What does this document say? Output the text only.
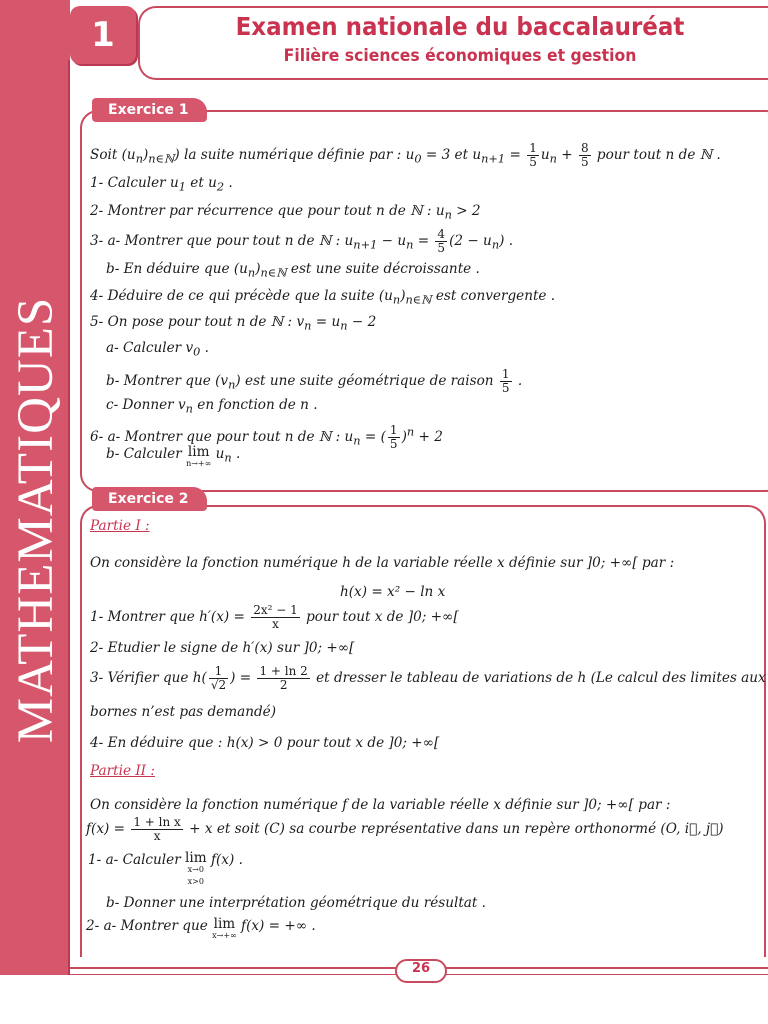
MATHEMATIQUES
1	Examen nationale du baccalauréat
Filière sciences économiques et gestion
Exercice 1
Soit $(u_n)_{n\in ℕ}$) la suite numérique définie par : $u_0 = 3$ et $u_{n+1} = \frac{1}{5} u_n + \frac{8}{5}$ pour tout n de ℕ .
1- Calculer $u_1$ et $u_2$ .
2- Montrer par récurrence que pour tout n de ℕ : $u_n > 2$
3- a- Montrer que pour tout n de ℕ : $u_{n+1} - u_n = \frac{4}{5} (2 - u_n)$ .
b- En déduire que $(u_n)_{n\in ℕ}$ est une suite décroissante .
4- Déduire de ce qui précède que la suite $(u_n)_{n\in ℕ}$ est convergente .
5- On pose pour tout n de ℕ : $v_n = u_n - 2$
a- Calculer $v_0$ .
b- Montrer que $(v_n)$ est une suite géométrique de raison $\frac{1}{5}$ .
c- Donner $v_n$ en fonction de n .
6- a- Montrer que pour tout n de ℕ : $u_n$ = ( $\frac{1}{5} )^n + 2$
b- Calculer lim
n→+∞
$u_n$ .
Exercice 2
Partie I :
On considère la fonction numérique h de la variable réelle x définie sur ]0; +∞[ par :
h(x) = x² − ln x
1- Montrer que $h'(x) = \frac{\text{2x² − 1}}{x}$ pour tout x de ]0; +∞[
2- Etudier le signe de h′(x) sur ]0; +∞[
3- Vérifier que $h( \frac{1}{√2}$ ) = $\frac{1 + \ln 2}{2}$ et dresser le tableau de variations de h (Le calcul des limites aux
bornes n’est pas demandé)
4- En déduire que : h(x) > 0 pour tout x de ]0; +∞[
Partie II :
On considère la fonction numérique f de la variable réelle x définie sur ]0; +∞[ par :
$f(x) = \frac{\text{1 + ln x}}{x} + x$ et soit (C) sa courbe représentative dans un repère orthonormé (O, i⃗, j⃗)
1- a- Calculer lim
x→0
x>0
f(x) .
b- Donner une interprétation géométrique du résultat .
2- a- Montrer que lim
x→+∞
f(x) = +∞ .
26
